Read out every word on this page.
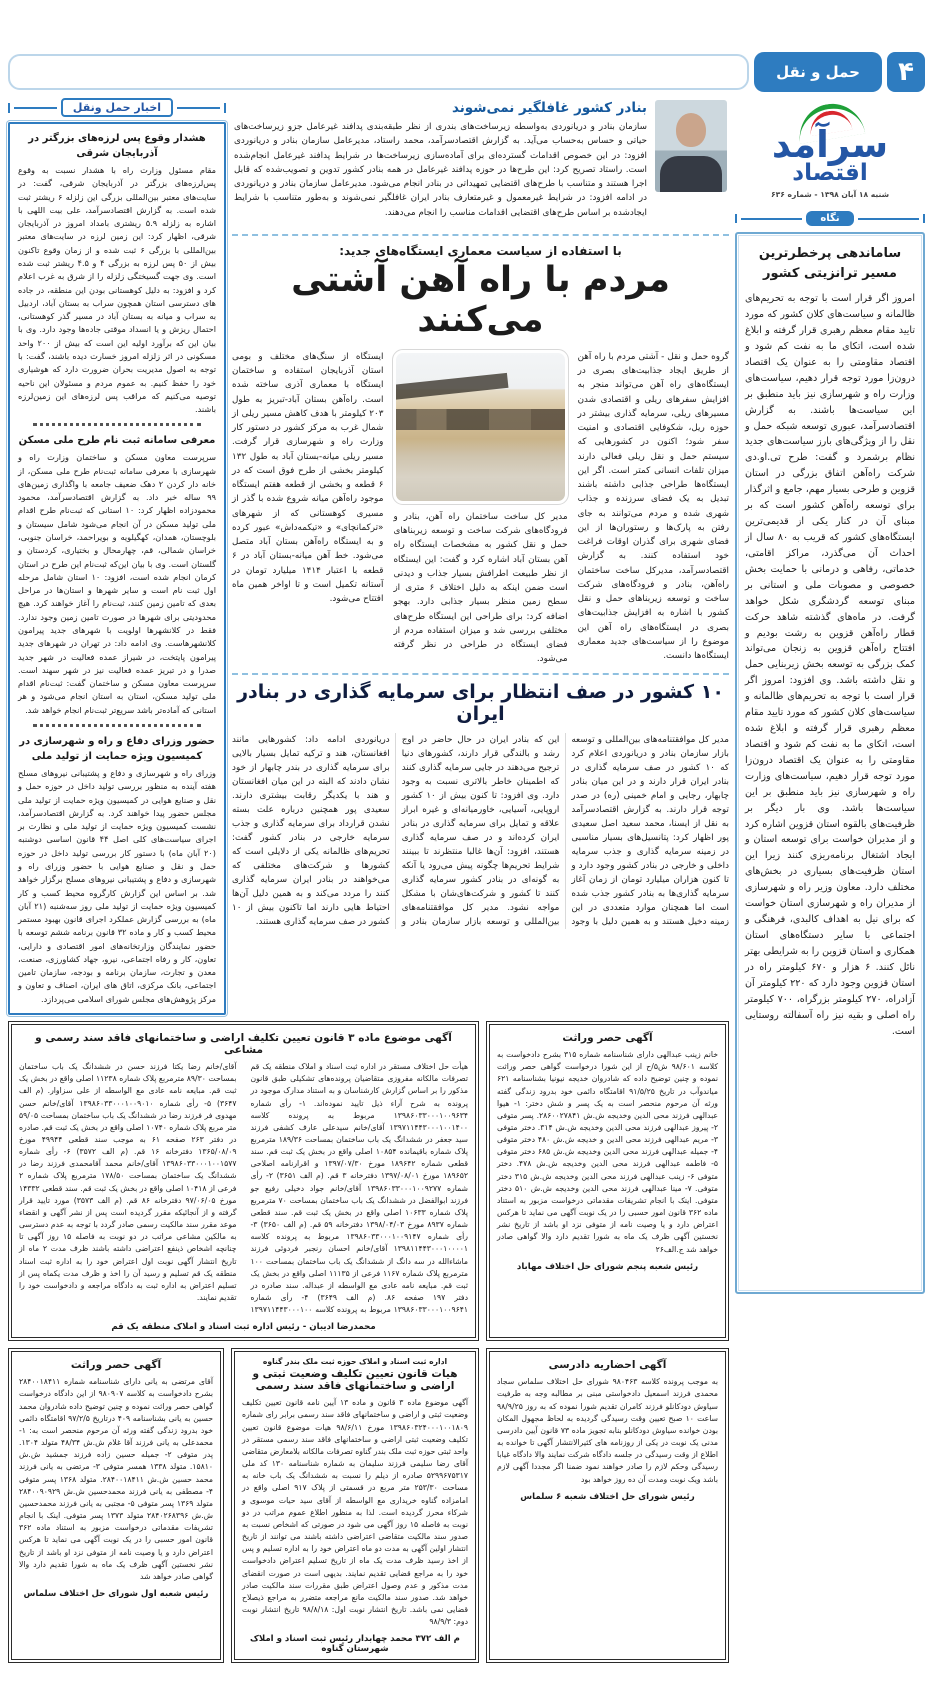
۴
حمل و نقل
سرآمد
اقتصاد
شنبه ۱۸ آبان ۱۳۹۸ - شماره ۶۳۶
نگاه
ساماندهی پرخطرترین مسیر ترانزیتی کشور

امروز اگر قرار است با توجه به تحریم‌های ظالمانه و سیاست‌های کلان کشور که مورد تایید مقام معظم رهبری قرار گرفته و ابلاغ شده است، اتکای ما به نفت کم شود و اقتصاد مقاومتی را به عنوان یک اقتصاد درون‌زا مورد توجه قرار دهیم، سیاست‌های وزارت راه و شهرسازی نیز باید منطبق بر این سیاست‌ها باشند. به گزارش اقتصادسرآمد، عبوری توسعه شبکه حمل و نقل را از ویژگی‌های بارز سیاست‌های جدید نظام برشمرد و گفت: طرح تی.او.دی شرکت راه‌آهن اتفاق بزرگی در استان قزوین و طرحی بسیار مهم، جامع و اثرگذار برای توسعه راه‌آهن کشور است که بر مبنای آن در کنار یکی از قدیمی‌ترین ایستگاه‌های کشور که قریب به ۸۰ سال از احداث آن می‌گذرد، مراکز اقامتی، خدماتی، رفاهی و درمانی با حمایت بخش خصوصی و مصوبات ملی و استانی بر مبنای توسعه گردشگری شکل خواهد گرفت. در ماه‌های گذشته شاهد حرکت قطار راه‌آهن قزوین به رشت بودیم و افتتاح راه‌آهن قزوین به زنجان می‌تواند کمک بزرگی به توسعه بخش زیربنایی حمل و نقل داشته باشد. وی افزود: امروز اگر قرار است با توجه به تحریم‌های ظالمانه و سیاست‌های کلان کشور که مورد تایید مقام معظم رهبری قرار گرفته و ابلاغ شده است، اتکای ما به نفت کم شود و اقتصاد مقاومتی را به عنوان یک اقتصاد درون‌زا مورد توجه قرار دهیم، سیاست‌های وزارت راه و شهرسازی نیز باید منطبق بر این سیاست‌ها باشد. وی بار دیگر بر ظرفیت‌های بالقوه استان قزوین اشاره کرد و از مدیران خواست برای توسعه استان و ایجاد اشتغال برنامه‌ریزی کنند زیرا این استان ظرفیت‌های بسیاری در بخش‌های مختلف دارد. معاون وزیر راه و شهرسازی از مدیران راه و شهرسازی استان خواست که برای نیل به اهداف کالبدی، فرهنگی و اجتماعی با سایر دستگاه‌های استان همکاری و استان قزوین را به شرایطی بهتر نائل کنند. ۶ هزار و ۶۷۰ کیلومتر راه در استان قزوین وجود دارد که ۲۲۰ کیلومتر آن آزادراه، ۲۷۰ کیلومتر بزرگراه، ۷۰۰ کیلومتر راه اصلی و بقیه نیز راه آسفالته روستایی است.

بنادر کشور غافلگیر نمی‌شوند

سازمان بنادر و دریانوردی به‌واسطه زیرساخت‌های بندری از نظر طبقه‌بندی پدافند غیرعامل جزو زیرساخت‌های حیاتی و حساس به‌حساب می‌آید. به گزارش اقتصادسرآمد، محمد راستاد، مدیرعامل سازمان بنادر و دریانوردی افزود: در این خصوص اقدامات گسترده‌ای برای آماده‌سازی زیرساخت‌ها در شرایط پدافند غیرعامل انجام‌شده است. راستاد تصریح کرد: این طرح‌ها در حوزه پدافند غیرعامل در همه بنادر کشور تدوین و تصویب‌شده که قابل اجرا هستند و متناسب با طرح‌های اقتضایی تمهیداتی در بنادر انجام می‌شود. مدیرعامل سازمان بنادر و دریانوردی در ادامه افزود: در شرایط غیرمعمول و غیرمتعارف بنادر ایران غافلگیر نمی‌شوند و به‌طور متناسب با شرایط ایجادشده بر اساس طرح‌های اقتضایی اقدامات مناسب را انجام می‌دهند.

با استفاده از سیاست معماری ایستگاه‌های جدید:
مردم با راه آهن آشتی می‌کنند

گروه حمل و نقل - آشتی مردم با راه آهن از طریق ایجاد جذابیت‌های بصری در ایستگاه‌های راه آهن می‌تواند منجر به افزایش سفرهای ریلی و اقتصادی شدن مسیرهای ریلی، سرمایه گذاری بیشتر در حوزه ریل، شکوفایی اقتصادی و امنیت سفر شود؛ اکنون در کشورهایی که سیستم حمل و نقل ریلی فعالی دارند میزان تلفات انسانی کمتر است. اگر این ایستگاه‌ها طراحی جذابی داشته باشند تبدیل به یک فضای سرزنده و جذاب شهری شده و مردم می‌توانند به جای رفتن به پارک‌ها و رستوران‌ها از این فضای شهری برای گذران اوقات فراغت خود استفاده کنند. به گزارش اقتصادسرآمد، مدیرکل ساخت ساختمان راه‌آهن، بنادر و فرودگاه‌های شرکت ساخت و توسعه زیربناهای حمل و نقل کشور با اشاره به افزایش جذابیت‌های بصری در ایستگاه‌های راه آهن این موضوع را از سیاست‌های جدید معماری ایستگاه‌ها دانست.

مدیر کل ساخت ساختمان راه آهن، بنادر و فرودگاه‌های شرکت ساخت و توسعه زیربناهای حمل و نقل کشور به مشخصات ایستگاه راه آهن بستان آباد اشاره کرد و گفت: این ایستگاه از نظر طبیعت اطرافش بسیار جذاب و دیدنی است ضمن اینکه به دلیل اختلاف ۶ متری از سطح زمین منظر بسیار جذابی دارد. بهجو اضافه کرد: برای طراحی این ایستگاه طرح‌های مختلفی بررسی شد و میزان استفاده مردم از فضای ایستگاه در طراحی در نظر گرفته می‌شود.

ایستگاه از سنگ‌های مختلف و بومی استان آذربایجان استفاده و ساختمان ایستگاه با معماری آذری ساخته شده است. راه‌آهن بستان آباد-تبریز به طول ۲۰۳ کیلومتر با هدف کاهش مسیر ریلی از شمال غرب به مرکز کشور در دستور کار وزارت راه و شهرسازی قرار گرفت. مسیر ریلی میانه-بستان آباد به طول ۱۳۲ کیلومتر بخشی از طرح فوق است که در ۶ قطعه و بخشی از قطعه هفتم ایستگاه موجود راه‌آهن میانه شروع شده با گذر از مسیری کوهستانی که از شهرهای «ترکمانچای» و «تیکمه‌داش» عبور کرده و به ایستگاه راه‌آهن بستان آباد متصل می‌شود. خط آهن میانه-بستان آباد در ۶ قطعه با اعتبار ۱۴۱۴ میلیارد تومان در آستانه تکمیل است و تا اواخر همین ماه افتتاح می‌شود.

۱۰ کشور در صف انتظار برای سرمایه گذاری در بنادر ایران

مدیر کل موافقتنامه‌های بین‌المللی و توسعه بازار سازمان بنادر و دریانوردی اعلام کرد که ۱۰ کشور در صف سرمایه گذاری در بنادر ایران قرار دارند و در این میان بنادر چابهار، رجایی و امام خمینی (ره) در صدر توجه قرار دارند. به گزارش اقتصادسرآمد به نقل از ایسنا، محمد سعید اصل سعیدی پور اظهار کرد: پتانسیل‌های بسیار مناسبی در زمینه سرمایه گذاری و جذب سرمایه داخلی و خارجی در بنادر کشور وجود دارد و تا کنون هزاران میلیارد تومان از زمان آغاز سرمایه گذاری‌ها به بنادر کشور جذب شده است اما همچنان موارد متعددی در این زمینه دخیل هستند و به همین دلیل با وجود این که بنادر ایران در حال حاضر در اوج رشد و بالندگی قرار دارند، کشورهای دنیا ترجیح می‌دهند در جایی سرمایه گذاری کنند که اطمینان خاطر بالاتری نسبت به وجود دارد. وی افزود: تا کنون بیش از ۱۰ کشور اروپایی، آسیایی، خاورمیانه‌ای و غیره ابراز علاقه و تمایل برای سرمایه گذاری در بنادر ایران کرده‌اند و در صف سرمایه گذاری هستند، افزود: آن‌ها غالبا منتظرند تا ببینند شرایط تحریم‌ها چگونه پیش می‌رود یا آنکه به گونه‌ای در بنادر کشور سرمایه گذاری کنند تا کشور و شرکت‌های‌شان با مشکل مواجه نشود. مدیر کل موافقتنامه‌های بین‌المللی و توسعه بازار سازمان بنادر و دریانوردی ادامه داد: کشورهایی مانند افغانستان، هند و ترکیه تمایل بسیار بالایی برای سرمایه گذاری در بندر چابهار از خود نشان دادند که البته در این میان افغانستان و هند با یکدیگر رقابت بیشتری دارند. سعیدی پور همچنین درباره علت بسته نشدن قرارداد برای سرمایه گذاری و جذب سرمایه خارجی در بنادر کشور گفت: تحریم‌های ظالمانه یکی از دلایلی است که کشورها و شرکت‌های مختلفی که می‌خواهند در بنادر ایران سرمایه گذاری کنند را مردد می‌کند و به همین دلیل آن‌ها احتیاط هایی دارند اما تاکنون بیش از ۱۰ کشور در صف سرمایه گذاری هستند.

اخبار حمل ونقل
هشدار وقوع پس لرزه‌های بزرگتر در آذربایجان شرقی

مقام مسئول وزارت راه با هشدار نسبت به وقوع پس‌لرزه‌های بزرگتر در آذربایجان شرقی، گفت: در سایت‌های معتبر بین‌المللی بزرگی این زلزله ۶ ریشتر ثبت شده است. به گزارش اقتصادسرآمد، علی بیت اللهی با اشاره به زلزله ۵.۹ ریشتری بامداد امروز در آذربایجان شرقی، اظهار کرد: این زمین لرزه در سایت‌های معتبر بین‌المللی با بزرگی ۶ ثبت شده و از زمان وقوع تاکنون بیش از ۵۰ پس لرزه به بزرگی ۴ و ۴.۵ ریشتر ثبت شده است. وی جهت گسیختگی زلزله را از شرق به غرب اعلام کرد و افزود: به دلیل کوهستانی بودن این منطقه، در جاده های دسترسی استان همچون سراب به بستان آباد، اردبیل به سراب و میانه به بستان آباد در مسیر گذر کوهستانی، احتمال ریزش و یا انسداد موقتی جاده‌ها وجود دارد. وی با بیان این که برآورد اولیه این است که بیش از ۲۰۰ واحد مسکونی در اثر زلزله امروز خسارت دیده باشند، گفت: با توجه به اصول مدیریت بحران ضرورت دارد که هوشیاری خود را حفظ کنیم. به عموم مردم و مسئولان این ناحیه توصیه می‌کنیم که مراقب پس لرزه‌های این زمین‌لرزه باشند.

معرفی سامانه ثبت نام طرح ملی مسکن

سرپرست معاون مسکن و ساختمان وزارت راه و شهرسازی با معرفی سامانه ثبت‌نام طرح ملی مسکن، از خانه دار کردن ۲ دهک ضعیف جامعه با واگذاری زمین‌های ۹۹ ساله خبر داد. به گزارش اقتصادسرآمد، محمود محمودزاده اظهار کرد: ۱۰ استانی که ثبت‌نام طرح اقدام ملی تولید مسکن در آن انجام می‌شود شامل سیستان و بلوچستان، همدان، کهگیلویه و بویراحمد، خراسان جنوبی، خراسان شمالی، قم، چهارمحال و بختیاری، کردستان و گلستان است. وی با بیان این‌که ثبت‌نام این طرح در استان کرمان انجام شده است، افزود: ۱۰ استان شامل مرحله اول ثبت نام است و سایر شهرها و استان‌ها در مراحل بعدی که تامین زمین کنند، ثبت‌نام را آغاز خواهند کرد. هیچ محدودیتی برای شهرها در صورت تامین زمین وجود ندارد. فقط در کلانشهرها اولویت با شهرهای جدید پیرامون کلانشهرهاست. وی ادامه داد: در تهران در شهرهای جدید پیرامون پایتخت، در شیراز عمده فعالیت در شهر جدید صدرا و در تبریز عمده فعالیت نیز در شهر سهند است. سرپرست معاون مسکن و ساختمان گفت: ثبت‌نام اقدام ملی تولید مسکن، استان به استان انجام می‌شود و هر استانی که آماده‌تر باشد سریع‌تر ثبت‌نام انجام خواهد شد.

حضور وزرای دفاع و راه و شهرسازی در کمیسیون ویژه حمایت از تولید ملی

وزرای راه و شهرسازی و دفاع و پشتیبانی نیروهای مسلح هفته آینده به منظور بررسی تولید داخل در حوزه حمل و نقل و صنایع هوایی در کمیسیون ویژه حمایت از تولید ملی مجلس حضور پیدا خواهند کرد. به گزارش اقتصادسرآمد، نشست کمیسیون ویژه حمایت از تولید ملی و نظارت بر اجرای سیاست‌های کلی اصل ۴۴ قانون اساسی دوشنبه (۲۰ آبان ماه) با دستور کار بررسی تولید داخل در حوزه حمل و نقل و صنایع هوایی با حضور وزرای راه و شهرسازی و دفاع و پشتیبانی نیروهای مسلح برگزار خواهد شد. بر اساس این گزارش کارگروه محیط کسب و کار کمیسیون ویژه حمایت از تولید ملی روز سه‌شنبه (۲۱ آبان ماه) به بررسی گزارش عملکرد اجرای قانون بهبود مستمر محیط کسب و کار و ماده ۳۲ قانون برنامه ششم توسعه با حضور نمایندگان وزارتخانه‌های امور اقتصادی و دارایی، تعاون، کار و رفاه اجتماعی، نیرو، جهاد کشاورزی، صنعت، معدن و تجارت، سازمان برنامه و بودجه، سازمان تامین اجتماعی، بانک مرکزی، اتاق های ایران، اصناف و تعاون و مرکز پژوهش‌های مجلس شورای اسلامی می‌پردازد.

آگهی موضوع ماده ۳ قانون تعیین تکلیف اراضی و ساختمانهای فاقد سند رسمی و مشاعی

هیأت حل اختلاف مستقر در اداره ثبت اسناد و املاک منطقه یک قم تصرفات مالکانه مفروزی متقاضیان پرونده‌های تشکیلی طبق قانون مذکور را بر اساس گزارش کارشناسان و به استناد مدارک موجود در پرونده به شرح آراء ذیل تایید نموده‌اند. ۱- رأی شماره ۱۳۹۸۶۰۳۳۰۰۰۱۰۰۹۶۳۴ مربوط به پرونده کلاسه ۱۳۹۷۱۱۴۴۳۰۰۰۱۰۰۱۴۰۰ آقای/خانم سیدعلی عارف کشفی فرزند سید جعفر در ششدانگ یک باب ساختمان بمساحت ۱۸۹/۳۶ مترمربع پلاک شماره باقیمانده ۱۰۸۵۴ اصلی واقع در بخش یک ثبت قم. سند قطعی شماره ۱۸۹۶۴۲ مورخ ۱۳۹۷/۰۷/۳۰ و اقرارنامه اصلاحی ۱۸۹۶۵۲ مورخ ۱۳۹۷/۰۸/۰۱ دفترخانه ۳ قم. (م الف ۳۶۵۱) ۲- رأی شماره ۱۳۹۸۶۰۳۳۰۰۰۱۰۰۹۲۷۷ آقای/خانم جواد دخیلی رفیع جو فرزند ابوالفضل در ششدانگ یک باب ساختمان بمساحت ۷۰ مترمربع پلاک شماره ۱۰۶۳۳ اصلی واقع در بخش یک ثبت قم. سند قطعی شماره ۸۹۳۷ مورخ ۱۳۹۸/۰۴/۰۳ دفترخانه ۵۹ قم. (م الف ۳۶۵۰) ۳- رأی شماره ۱۳۹۸۶۰۳۳۰۰۰۱۰۰۹۱۴۷ مربوط به پرونده کلاسه ۱۳۹۸۱۱۴۴۳۰۰۰۱۰۰۰۰۱ آقای/خانم احسان رنجبر فردوئی فرزند ماشاءالله در سه دانگ از ششدانگ یک باب ساختمان بمساحت ۱۰۰ مترمربع پلاک شماره ۱۱۶۷ فرعی از ۱۱۱۳۵ اصلی واقع در بخش یک ثبت قم. مبایعه نامه عادی مع الواسطه از عبداله. سند صادره در دفتر ۱۹۷ صفحه ۸۶. (م الف ۳۶۴۹) ۴- رأی شماره ۱۳۹۸۶۰۳۳۰۰۰۱۰۰۹۶۴۱ مربوط به پرونده کلاسه ۱۳۹۷۱۱۴۴۳۰۰۰۱۰۰ آقای/خانم رضا یکتا فرزند حسن در ششدانگ یک باب ساختمان بمساحت ۸۹/۳۰ مترمربع پلاک شماره ۱۱۲۳۸ اصلی واقع در بخش یک ثبت قم. مبایعه نامه عادی مع الواسطه از علی سزاوار. (م الف ۳۶۴۷) ۵- رأی شماره ۱۳۹۸۶۰۳۳۰۰۰۱۰۰۹۰۱۰ آقای/خانم حسن مهدوی فر فرزند رضا در ششدانگ یک باب ساختمان بمساحت ۵۹/۰۵ متر مربع پلاک شماره ۱۰۷۴۰ اصلی واقع در بخش یک ثبت قم. صادره در دفتر ۲۶۳ صفحه ۶۱ به موجب سند قطعی ۴۹۹۴۴ مورخ ۱۳۶۵/۰۸/۰۹ دفترخانه ۱۶ قم. (م الف ۳۵۷۲) ۶- رأی شماره ۱۳۹۸۶۰۳۳۰۰۰۱۰۰۱۵۷۷ آقای/خانم محمد آقامحمدی فرزند رضا در ششدانگ یک ساختمان بمساحت ۱۷۸/۵۰ مترمربع پلاک شماره ۲ فرعی از ۱۰۴۱۸ اصلی واقع در بخش یک ثبت قم. سند قطعی ۱۴۳۳۲ مورخ ۹۷/۰۶/۰۵ دفترخانه ۸۶ قم. (م الف ۳۵۷۳) مورد تایید قرار گرفته و از آنجائیکه مقرر گردیده است پس از نشر آگهی و انقضاء موعد مقرر سند مالکیت رسمی صادر گردد با توجه به عدم دسترسی به مالکین مشاعی مراتب در دو نوبت به فاصله ۱۵ روز آگهی تا چنانچه اشخاص ذینفع اعتراضی داشته باشند ظرف مدت ۲ ماه از تاریخ انتشار آگهی نوبت اول اعتراض خود را به اداره ثبت اسناد منطقه یک قم تسلیم و رسید آن را اخذ و ظرف مدت یکماه پس از تسلیم اعتراض به اداره ثبت به دادگاه مراجعه و دادخواست خود را تقدیم نمایند.

محمدرضا ادیبان - رئیس اداره ثبت اسناد و املاک منطقه یک قم
آگهی حصر وراثت

خانم زینب عبدالهی دارای شناسنامه شماره ۳۱۵ بشرح دادخواست به کلاسه ۹۸/۶۰۱ ش۵/ح از این شورا درخواست گواهی حصر وراثت نموده و چنین توضیح داده که شادروان خدیجه نیونیا بشناسنامه ۶۲۱ میاندوآب در تاریخ ۹۱/۵/۲۵ اقامتگاه دائمی خود بدرود زندگی گفته ورثه آن مرحوم منحصر است به یک پسر و شش دختر: ۱- هیوا عبدالهی فرزند محی الدین وخدیجه ش.ش ۲۸۶۰۰۲۷۸۴۱. پسر متوفی ۲- پیروز عبدالهی فرزند محی الدین وخدیجه ش.ش ۳۱۴. دختر متوفی ۳- مریم عبدالهی فرزند محی الدین و خدیجه ش.ش ۴۸۰ دختر متوفی ۴- جمیله عبدالهی فرزند محی الدین وخدیجه ش.ش ۶۸۵ دختر متوفی ۵- فاطمه عبدالهی فرزند محی الدین وخدیجه ش.ش ۴۷۸. دختر متوفی ۶- زینب عبدالهی فرزند محی الدین وخدیجه ش.ش ۳۱۵ دختر متوفی. ۷- مینا عبدالهی فرزند محی الدین وخدیجه ش.ش ۵۱۰ دختر متوفی. اینک با انجام تشریفات مقدماتی درخواست مزبور به استناد ماده ۳۶۲ قانون امور حسبی را در یک نوبت آگهی می نماید تا هرکس اعتراض دارد و یا وصیت نامه از متوفی نزد او باشد از تاریخ نشر نخستین آگهی ظرف یک ماه به شورا تقدیم دارد والا گواهی صادر خواهد شد ج.الف۲۶

رئیس شعبه پنجم شورای حل اختلاف مهاباد
آگهی احضاریه دادرسی

به موجب پرونده کلاسه ۹۸۰۴۶۳ شورای حل اختلاف سلماس سجاد محمدی فرزند اسمعیل دادخواستی مبنی بر مطالبه وجه به طرفیت سیاوش دودکانلو فرزند کامران تقدیم شورا نموده که به روز ۹۸/۹/۲۵ ساعت ۱۰ صبح تعیین وقت رسیدگی گردیده به لحاظ مجهول المکان بودن خوانده سیاوش دودکانلو بنابه تجویز ماده ۷۳ قانون آیین دادرسی مدنی یک نوبت در یکی از روزنامه های کثیرالانتشار آگهی تا خوانده به اطلاع از وقت رسیدگی در جلسه دادگاه شرکت نمایند والا دادگاه غیابا رسیدگی وحکم لازم را صادر خواهند نمود ضمنا اگر مجددا آگهی لازم باشد ویک نوبت ومدت آن ده روز خواهد بود

رئیس شورای حل اختلاف شعبه ۶ سلماس
اداره ثبت اسناد و املاک حوزه ثبت ملک بندر گناوه
هیات قانون تعیین تکلیف وضعیت ثبتی و اراضی و ساختمانهای فاقد سند رسمی

آگهی موضوع ماده ۳ قانون و ماده ۱۳ آیین نامه قانون تعیین تکلیف وضعیت ثبتی و اراضی و ساختمانهای فاقد سند رسمی برابر رای شماره ۱۳۹۸۶۰۳۲۴۰۰۰۱۰۰۱۸۰۹ مورخ ۹۸/۶/۱۱ هیات موضوع قانون تعیین تکلیف وضعیت ثبتی اراضی و ساختمانهای فاقد سند رسمی مستقر در واحد ثبتی حوزه ثبت ملک بندر گناوه تصرفات مالکانه بلامعارض متقاضی آقای رضا سلیمی فرزند سلیمان به شماره شناسنامه ۱۳۰ کد ملی ۵۲۹۹۶۷۵۳۱۷ صادره از دیلم را نسبت به ششدانگ یک باب خانه به مساحت ۲۵۳/۳۰ متر مربع در قسمتی از پلاک ۹۱۷ اصلی واقع در امامزاده گناوه خریداری مع الواسطه از آقای سید حیات موسوی و شرکاء محرز گردیده است. لذا به منظور اطلاع عموم مراتب در دو نوبت به فاصله ۱۵ روز آگهی می شود در صورتی که اشخاص نسبت به صدور سند مالکیت متقاضی اعتراضی داشته باشند می توانند از تاریخ انتشار اولین آگهی به مدت دو ماه اعتراض خود را به اداره تسلیم و پس از اخذ رسید ظرف مدت یک ماه از تاریخ تسلیم اعتراض دادخواست خود را به مراجع قضایی تقدیم نمایند. بدیهی است در صورت انقضای مدت مذکور و عدم وصول اعتراض طبق مقررات سند مالکیت صادر خواهد شد. صدور سند مالکیت مانع مراجعه متضرر به مراجع ذیصلاح قضایی نمی باشد. تاریخ انتشار نوبت اول: ۹۸/۸/۱۸ تاریخ انتشار نوبت دوم: ۹۸/۹/۳

م الف ۳۷۲ محمد چهابدار رئیس ثبت اسناد و املاک شهرستان گناوه
آگهی حصر وراثت

آقای مرتضی به یانی دارای شناسنامه شماره ۲۸۴۰۰۱۸۴۱۱ بشرح دادخواست به کلاسه ۹۸۰۹۰۷ از این دادگاه درخواست گواهی حصر وراثت نموده و چنین توضیح داده شادروان محمد حسین به یانی بشناسنامه ۴۰۹ درتاریخ ۹۷/۲/۵ اقامتگاه دائمی خود بدرود زندگی گفته ورثه آن مرحوم منحصر است به: ۱- محمدعلی به یانی فرزند آقا غلام ش.ش ۴۸/۳۴ متولد ۱۳۰۴. پدر متوفی ۲- جمیله حسین زاده فرزند جمشید ش.ش ۱۵۸۱۰. متولد ۱۳۳۸ همسر متوفی ۳- مرتضی به یانی فرزند محمد حسین ش.ش ۲۸۴۰۰۱۸۴۱۱. متولد ۱۳۶۸ پسر متوفی ۴- مصطفی به یانی فرزند محمدحسین ش.ش ۲۸۴۰۰۹۰۹۲۹ متولد ۱۳۶۹ پسر متوفی ۵- مجتبی به یانی فرزند محمدحسین ش.ش ۲۸۴۰۲۶۸۳۹۶ متولد ۱۳۷۳ پسر متوفی. اینک با انجام تشریفات مقدماتی درخواست مزبور به استناد ماده ۳۶۲ قانون امور حسبی را در یک نوبت آگهی می نماید تا هرکس اعتراض دارد و یا وصیت نامه از متوفی نزد او باشد از تاریخ نشر نخستین آگهی ظرف یک ماه به شورا تقدیم دارد والا گواهی صادر خواهد شد

رئیس شعبه اول شورای حل اختلاف سلماس
